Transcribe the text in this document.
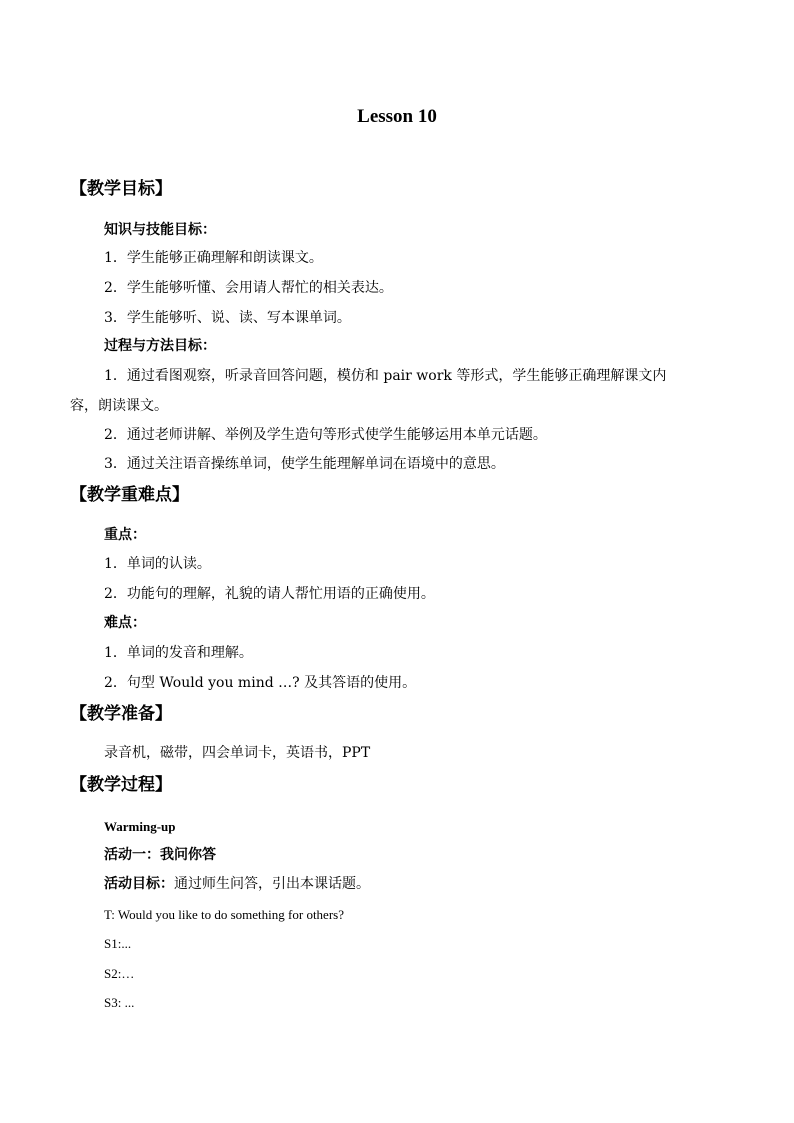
Lesson 10
【教学目标】
知识与技能目标：
1．学生能够正确理解和朗读课文。
2．学生能够听懂、会用请人帮忙的相关表达。
3．学生能够听、说、读、写本课单词。
过程与方法目标：
1．通过看图观察，听录音回答问题，模仿和 pair work 等形式，学生能够正确理解课文内
容，朗读课文。
2．通过老师讲解、举例及学生造句等形式使学生能够运用本单元话题。
3．通过关注语音操练单词，使学生能理解单词在语境中的意思。
【教学重难点】
重点：
1．单词的认读。
2．功能句的理解，礼貌的请人帮忙用语的正确使用。
难点：
1．单词的发音和理解。
2．句型 Would you mind …? 及其答语的使用。
【教学准备】
录音机，磁带，四会单词卡，英语书，PPT
【教学过程】
Warming-up
活动一：我问你答
活动目标：通过师生问答，引出本课话题。
T: Would you like to do something for others?
S1:...
S2:…
S3: ...
